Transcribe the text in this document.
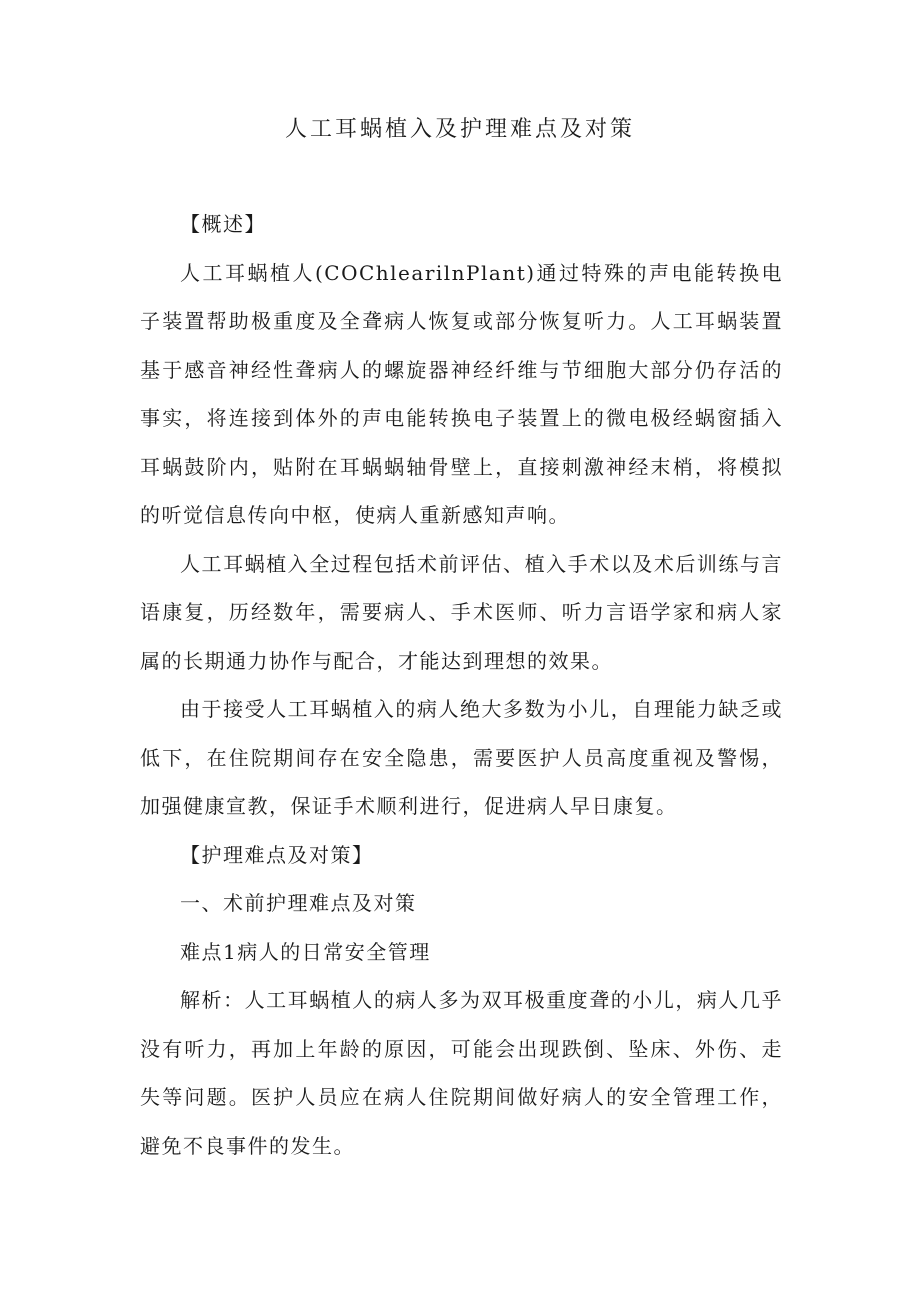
人工耳蜗植入及护理难点及对策

【概述】

人工耳蜗植人(COChlearilnPlant)通过特殊的声电能转换电子装置帮助极重度及全聋病人恢复或部分恢复听力。人工耳蜗装置基于感音神经性聋病人的螺旋器神经纤维与节细胞大部分仍存活的事实，将连接到体外的声电能转换电子装置上的微电极经蜗窗插入耳蜗鼓阶内，贴附在耳蜗蜗轴骨壁上，直接刺激神经末梢，将模拟的听觉信息传向中枢，使病人重新感知声响。

人工耳蜗植入全过程包括术前评估、植入手术以及术后训练与言语康复，历经数年，需要病人、手术医师、听力言语学家和病人家属的长期通力协作与配合，才能达到理想的效果。

由于接受人工耳蜗植入的病人绝大多数为小儿，自理能力缺乏或低下，在住院期间存在安全隐患，需要医护人员高度重视及警惕，加强健康宣教，保证手术顺利进行，促进病人早日康复。

【护理难点及对策】

一、术前护理难点及对策

难点1病人的日常安全管理

解析：人工耳蜗植人的病人多为双耳极重度聋的小儿，病人几乎没有听力，再加上年龄的原因，可能会出现跌倒、坠床、外伤、走失等问题。医护人员应在病人住院期间做好病人的安全管理工作，避免不良事件的发生。
